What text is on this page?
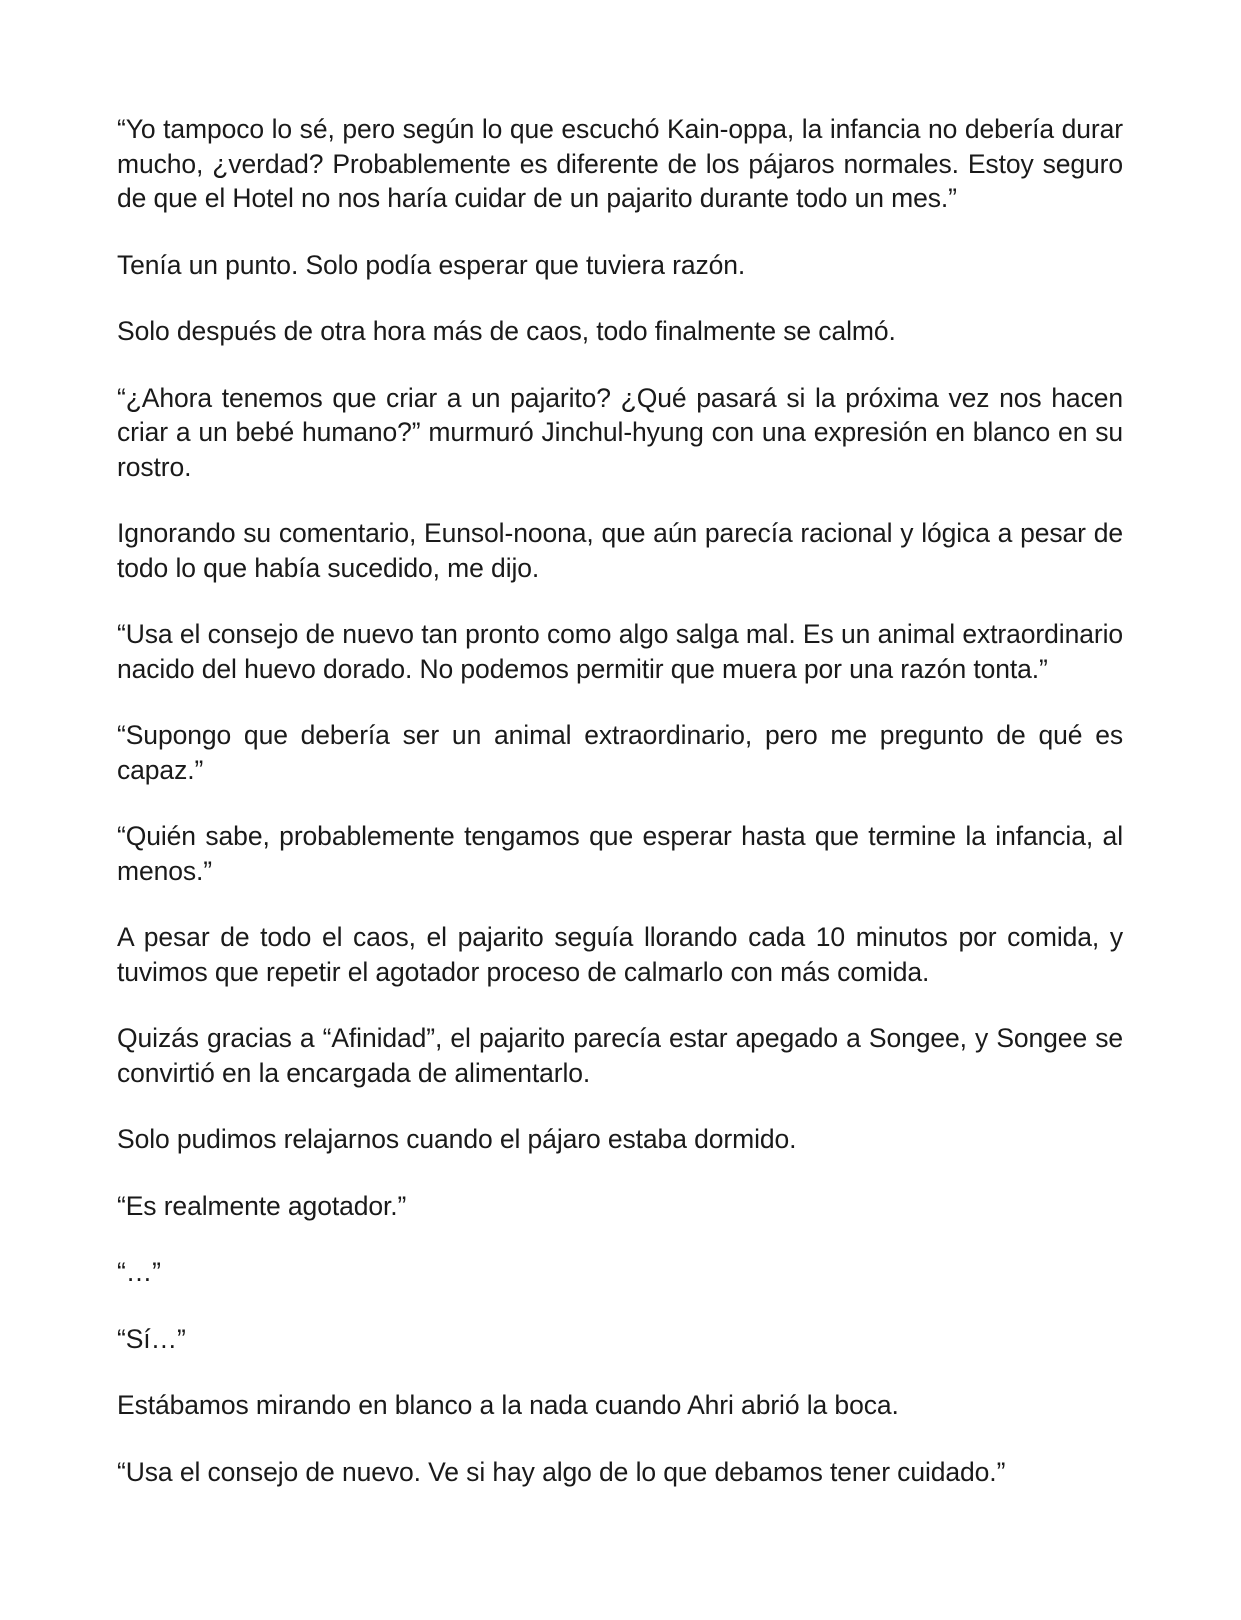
“Yo tampoco lo sé, pero según lo que escuchó Kain-oppa, la infancia no debería durar mucho, ¿verdad? Probablemente es diferente de los pájaros normales. Estoy seguro de que el Hotel no nos haría cuidar de un pajarito durante todo un mes.”

Tenía un punto. Solo podía esperar que tuviera razón.

Solo después de otra hora más de caos, todo finalmente se calmó.

“¿Ahora tenemos que criar a un pajarito? ¿Qué pasará si la próxima vez nos hacen criar a un bebé humano?” murmuró Jinchul-hyung con una expresión en blanco en su rostro.

Ignorando su comentario, Eunsol-noona, que aún parecía racional y lógica a pesar de todo lo que había sucedido, me dijo.

“Usa el consejo de nuevo tan pronto como algo salga mal. Es un animal extraordinario nacido del huevo dorado. No podemos permitir que muera por una razón tonta.”

“Supongo que debería ser un animal extraordinario, pero me pregunto de qué es capaz.”

“Quién sabe, probablemente tengamos que esperar hasta que termine la infancia, al menos.”

A pesar de todo el caos, el pajarito seguía llorando cada 10 minutos por comida, y tuvimos que repetir el agotador proceso de calmarlo con más comida.

Quizás gracias a “Afinidad”, el pajarito parecía estar apegado a Songee, y Songee se convirtió en la encargada de alimentarlo.

Solo pudimos relajarnos cuando el pájaro estaba dormido.

“Es realmente agotador.”

“…”

“Sí…”

Estábamos mirando en blanco a la nada cuando Ahri abrió la boca.

“Usa el consejo de nuevo. Ve si hay algo de lo que debamos tener cuidado.”
